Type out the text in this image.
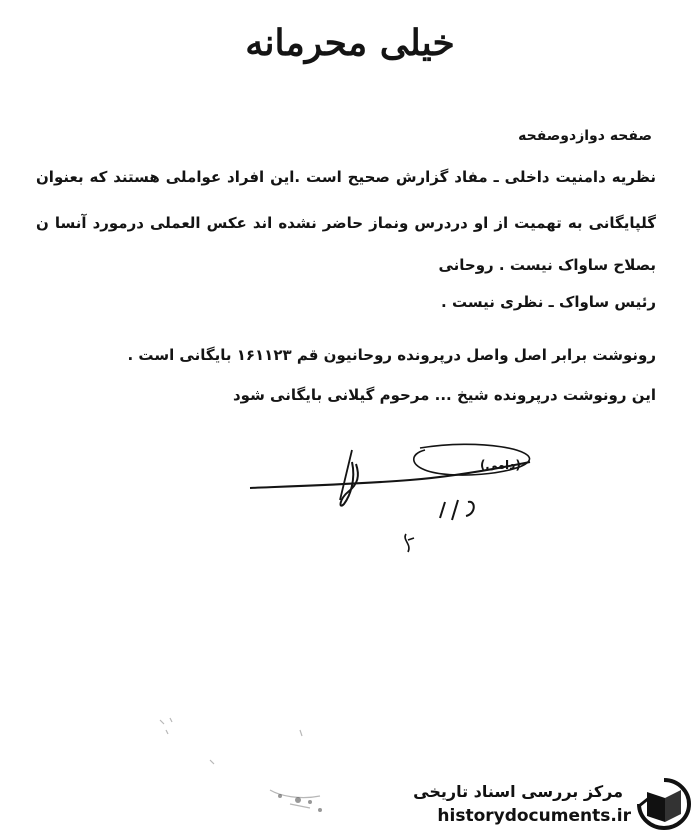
خیلی محرمانه
صفحه دوازدوصفحه
نظریه دامنیت داخلی ـ مفاد گزارش صحیح است .این افراد عواملی هستند که بعنوان
گلپایگانی به تهمیت از او دردرس ونماز حاضر نشده اند عکس العملی درمورد آنسا ن
بصلاح ساواک نیست . روحانی
رئیس ساواک ـ نظری نیست .
رونوشت برابر اصل واصل درپرونده روحانیون قم ۱۶۱۱۲۳ بایگانی است .
این رونوشت درپرونده شیخ ... مرحوم گیلانی بایگانی شود
(دامی)
مرکز بررسی اسناد تاریخی
historydocuments.ir
